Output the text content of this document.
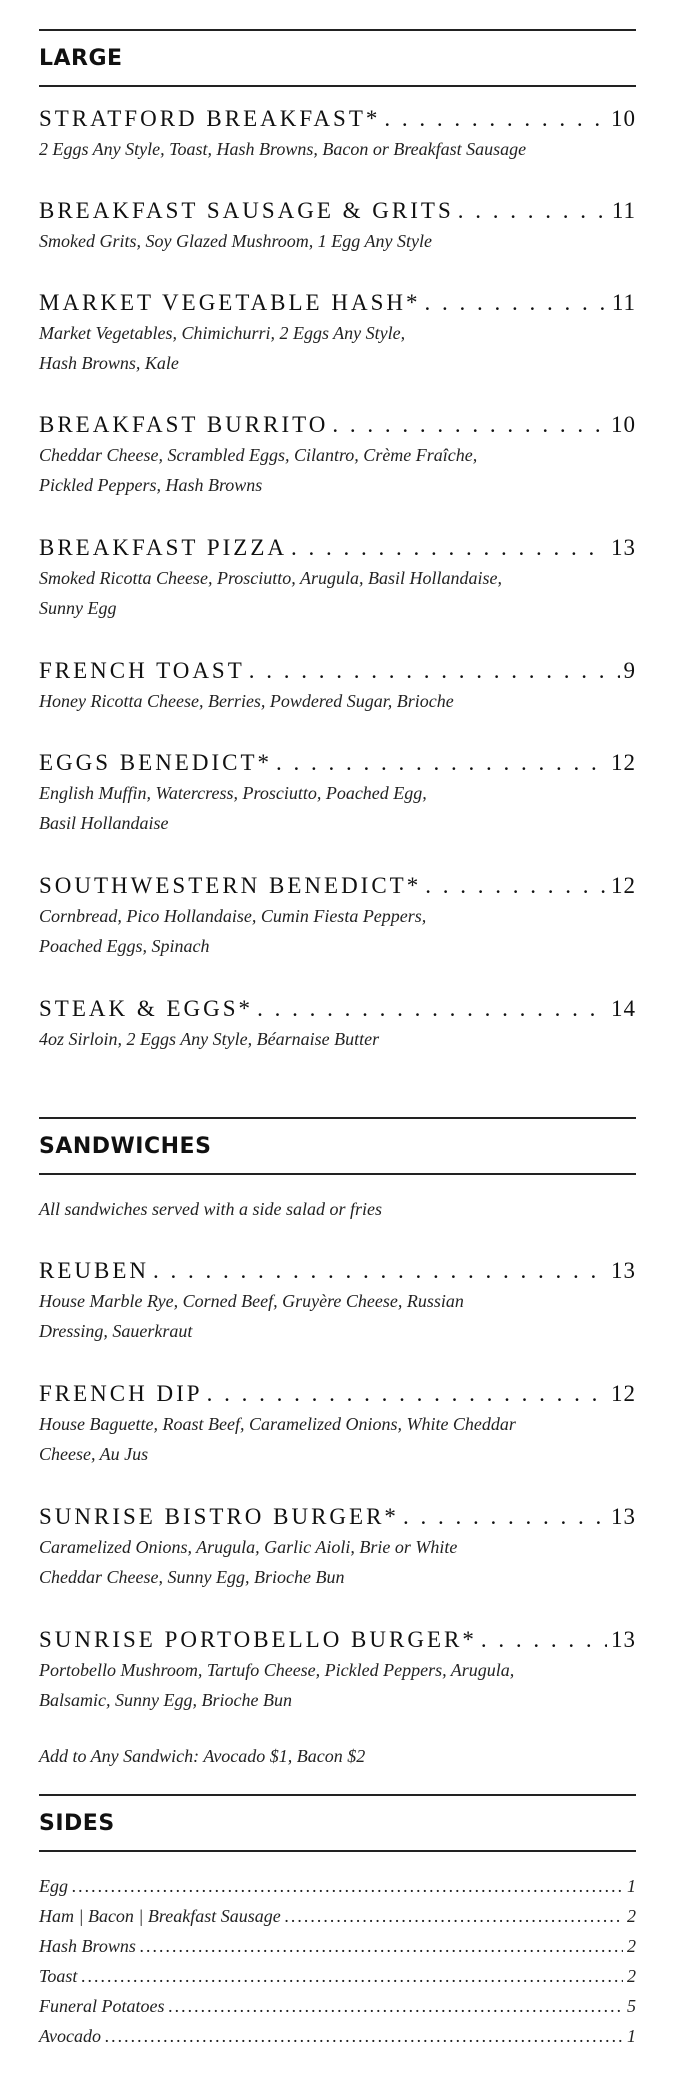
LARGE
STRATFORD BREAKFAST* . . .	10
2 Eggs Any Style, Toast, Hash Browns, Bacon or Breakfast Sausage
BREAKFAST SAUSAGE & GRITS . . .	11
Smoked Grits, Soy Glazed Mushroom, 1 Egg Any Style
MARKET VEGETABLE HASH* . . .	11
Market Vegetables, Chimichurri, 2 Eggs Any Style,
Hash Browns, Kale
BREAKFAST BURRITO . . .	10
Cheddar Cheese, Scrambled Eggs, Cilantro, Crème Fraîche,
Pickled Peppers, Hash Browns
BREAKFAST PIZZA . . .	13
Smoked Ricotta Cheese, Prosciutto, Arugula, Basil Hollandaise,
Sunny Egg
FRENCH TOAST . . .	9
Honey Ricotta Cheese, Berries, Powdered Sugar, Brioche
EGGS BENEDICT* . . .	12
English Muffin, Watercress, Prosciutto, Poached Egg,
Basil Hollandaise
SOUTHWESTERN BENEDICT* . . .	12
Cornbread, Pico Hollandaise, Cumin Fiesta Peppers,
Poached Eggs, Spinach
STEAK & EGGS* . . .	14
4oz Sirloin, 2 Eggs Any Style, Béarnaise Butter
SANDWICHES
All sandwiches served with a side salad or fries
REUBEN . . .	13
House Marble Rye, Corned Beef, Gruyère Cheese, Russian
Dressing, Sauerkraut
FRENCH DIP . . .	12
House Baguette, Roast Beef, Caramelized Onions, White Cheddar
Cheese, Au Jus
SUNRISE BISTRO BURGER* . . .	13
Caramelized Onions, Arugula, Garlic Aioli, Brie or White
Cheddar Cheese, Sunny Egg, Brioche Bun
SUNRISE PORTOBELLO BURGER* . . .	13
Portobello Mushroom, Tartufo Cheese, Pickled Peppers, Arugula,
Balsamic, Sunny Egg, Brioche Bun
Add to Any Sandwich: Avocado $1, Bacon $2
SIDES
Egg .....	1
Ham | Bacon | Breakfast Sausage .....	2
Hash Browns .....	2
Toast .....	2
Funeral Potatoes .....	5
Avocado .....	1
